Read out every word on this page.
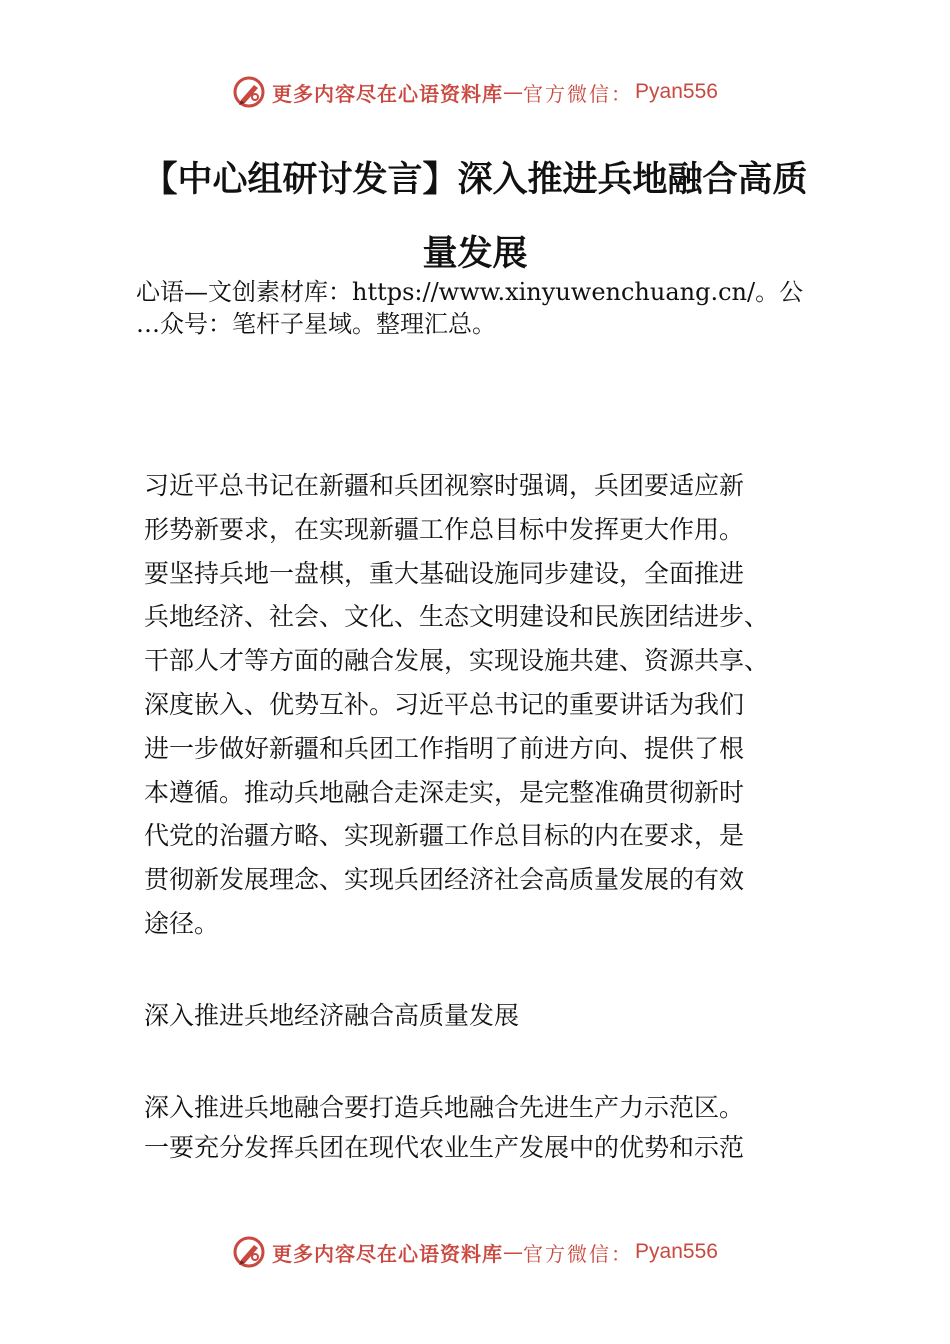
更多内容尽在心语资料库 — 官方微信： Pyan556
【中心组研讨发言】深入推进兵地融合高质
量发展
心语—文创素材库：https://www.xinyuwenchuang.cn/。公
…众号：笔杆子星域。整理汇总。
习近平总书记在新疆和兵团视察时强调，兵团要适应新
形势新要求，在实现新疆工作总目标中发挥更大作用。
要坚持兵地一盘棋，重大基础设施同步建设，全面推进
兵地经济、社会、文化、生态文明建设和民族团结进步、
干部人才等方面的融合发展，实现设施共建、资源共享、
深度嵌入、优势互补。习近平总书记的重要讲话为我们
进一步做好新疆和兵团工作指明了前进方向、提供了根
本遵循。推动兵地融合走深走实，是完整准确贯彻新时
代党的治疆方略、实现新疆工作总目标的内在要求，是
贯彻新发展理念、实现兵团经济社会高质量发展的有效
途径。
深入推进兵地经济融合高质量发展
深入推进兵地融合要打造兵地融合先进生产力示范区。
一要充分发挥兵团在现代农业生产发展中的优势和示范
更多内容尽在心语资料库 — 官方微信： Pyan556
